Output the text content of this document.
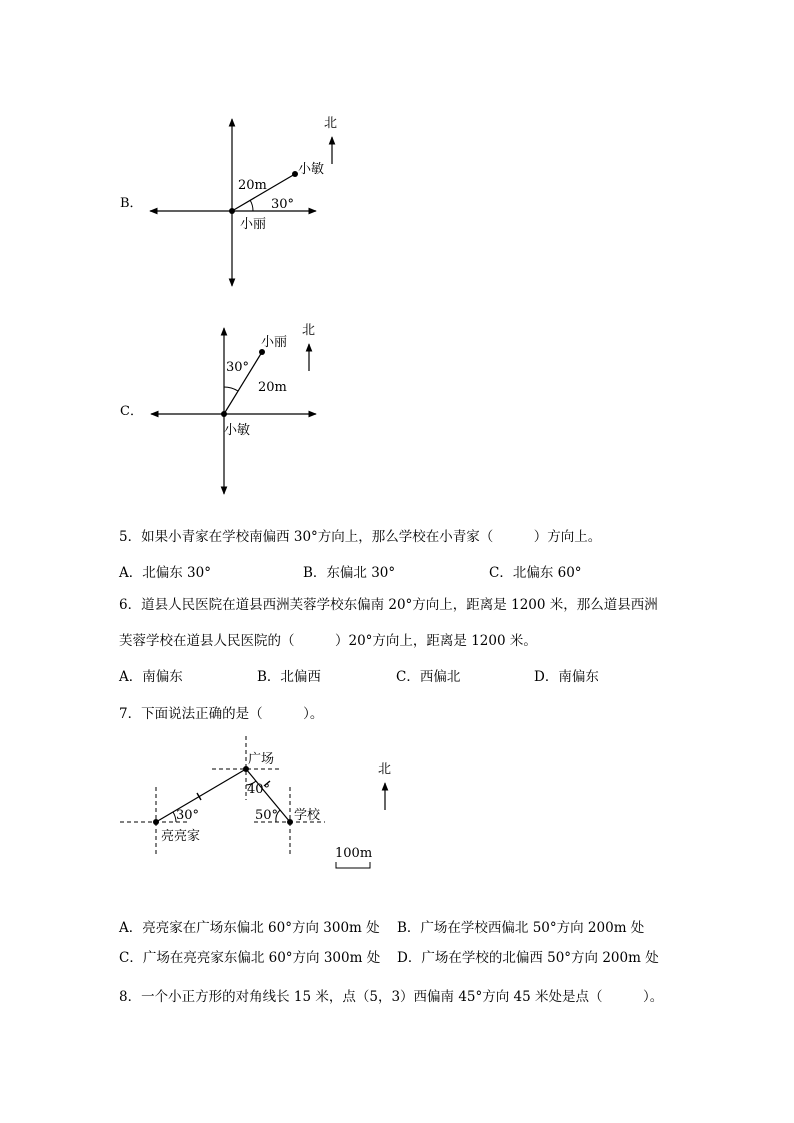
B．
北
小敏
20m
30°
小丽
C．
北
小丽
30°
20m
小敏
5．如果小青家在学校南偏西 30°方向上，那么学校在小青家（　　　）方向上。
A．北偏东 30°	B．东偏北 30°	C．北偏东 60°
6．道县人民医院在道县西洲芙蓉学校东偏南 20°方向上，距离是 1200 米，那么道县西洲
芙蓉学校在道县人民医院的（　　　）20°方向上，距离是 1200 米。
A．南偏东	B．北偏西	C．西偏北	D．南偏东
7．下面说法正确的是（　　　）。
广场
亮亮家
学校
30°
40°
50°
北
100m
A．亮亮家在广场东偏北 60°方向 300m 处 B．广场在学校西偏北 50°方向 200m 处
C．广场在亮亮家东偏北 60°方向 300m 处 D．广场在学校的北偏西 50°方向 200m 处
8．一个小正方形的对角线长 15 米，点（5，3）西偏南 45°方向 45 米处是点（　　　）。
